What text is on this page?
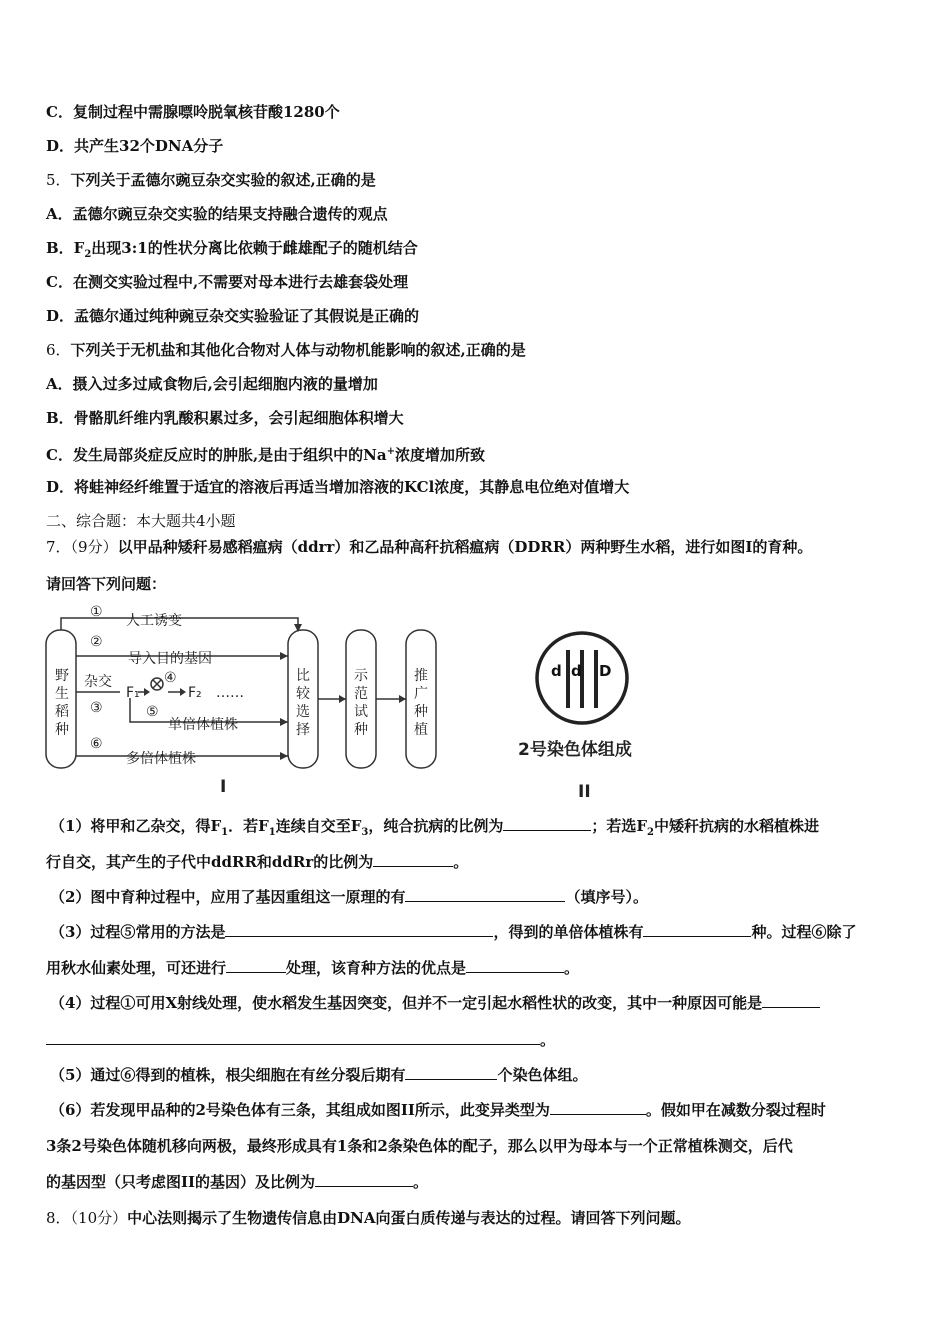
C．复制过程中需腺嘌呤脱氧核苷酸1280个
D．共产生32个DNA分子
5．下列关于孟德尔豌豆杂交实验的叙述,正确的是
A．孟德尔豌豆杂交实验的结果支持融合遗传的观点
B．$F_2$出现3:1的性状分离比依赖于雌雄配子的随机结合
C．在测交实验过程中,不需要对母本进行去雄套袋处理
D．孟德尔通过纯种豌豆杂交实验验证了其假说是正确的
6．下列关于无机盐和其他化合物对人体与动物机能影响的叙述,正确的是
A．摄入过多过咸食物后,会引起细胞内液的量增加
B．骨骼肌纤维内乳酸积累过多，会引起细胞体积增大
C．发生局部炎症反应时的肿胀,是由于组织中的Na+浓度增加所致
D．将蛙神经纤维置于适宜的溶液后再适当增加溶液的KCl浓度，其静息电位绝对值增大
二、综合题：本大题共4小题
7．（9分）以甲品种矮秆易感稻瘟病（ddrr）和乙品种高秆抗稻瘟病（DDRR）两种野生水稻，进行如图I的育种。
请回答下列问题：
野
生
稻
种
①
人工诱变
②
导入目的基因
杂交
③
F₁
④
F₂ ……
⑤
单倍体植株
⑥
多倍体植株
比
较
选
择
示
范
试
种
推
广
种
植
I
d d D
2号染色体组成
II
（1）将甲和乙杂交，得$F_1$．若$F_1$连续自交至$F_3$，纯合抗病的比例为	；若选$F_2$中矮秆抗病的水稻植株进
行自交，其产生的子代中ddRR和ddRr的比例为	。
（2）图中育种过程中，应用了基因重组这一原理的有	（填序号）。
（3）过程⑤常用的方法是	，得到的单倍体植株有	种。过程⑥除了
用秋水仙素处理，可还进行	处理，该育种方法的优点是	。
（4）过程①可用X射线处理，使水稻发生基因突变，但并不一定引起水稻性状的改变，其中一种原因可能是
。
（5）通过⑥得到的植株，根尖细胞在有丝分裂后期有	个染色体组。
（6）若发现甲品种的2号染色体有三条，其组成如图II所示，此变异类型为	。假如甲在减数分裂过程时
3条2号染色体随机移向两极，最终形成具有1条和2条染色体的配子，那么以甲为母本与一个正常植株测交，后代
的基因型（只考虑图II的基因）及比例为	。
8．（10分）中心法则揭示了生物遗传信息由DNA向蛋白质传递与表达的过程。请回答下列问题。
